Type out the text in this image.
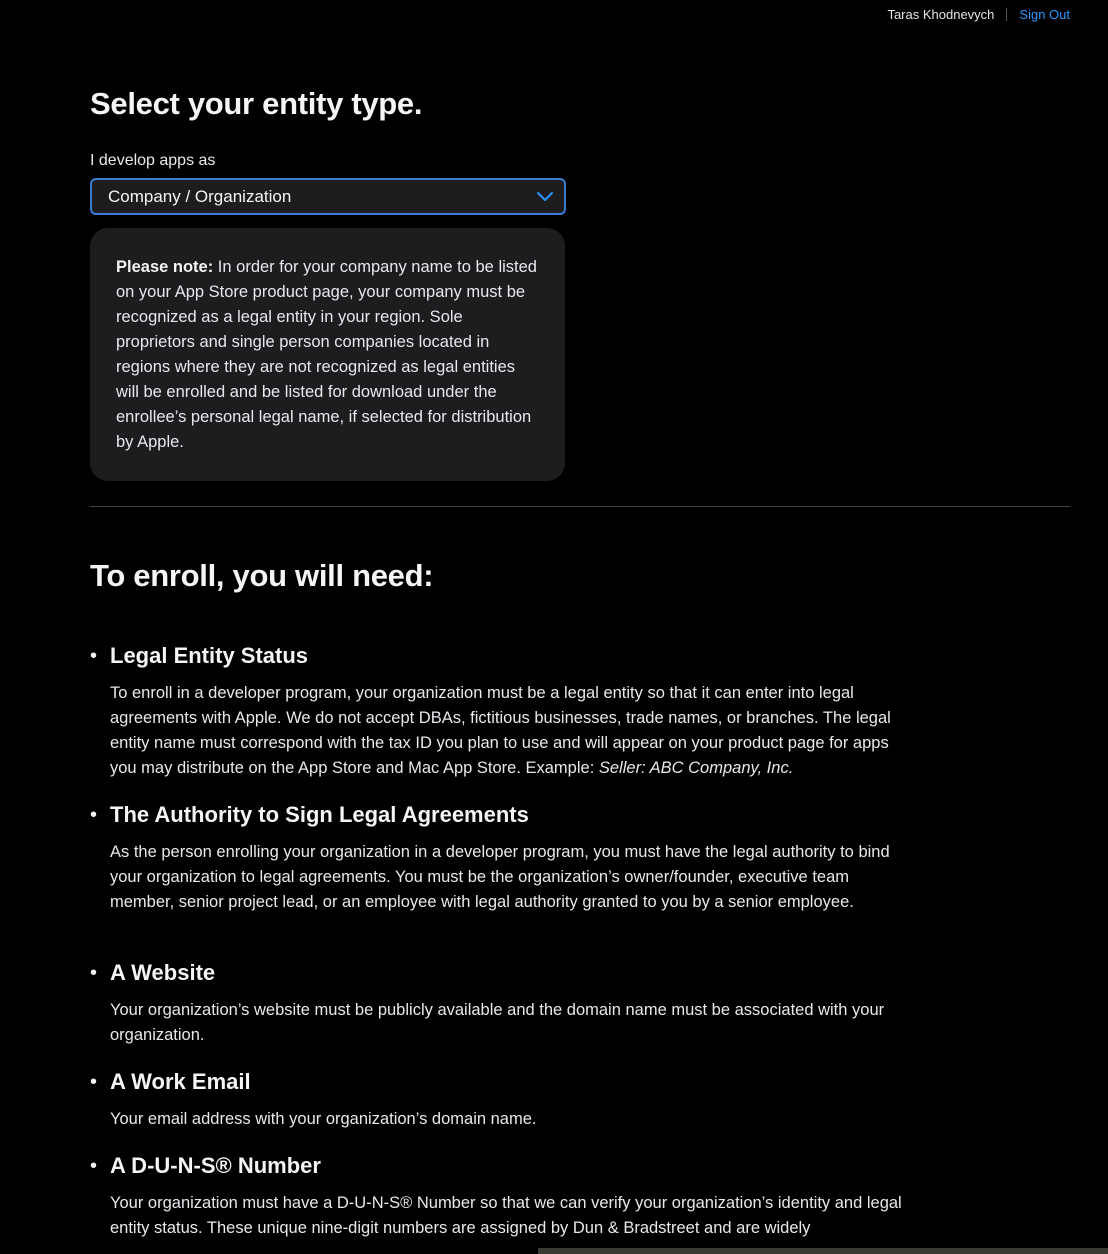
Taras Khodnevych Sign Out
Select your entity type.
I develop apps as
Company / Organization
Please note: In order for your company name to be listed on your App Store product page, your company must be recognized as a legal entity in your region. Sole proprietors and single person companies located in regions where they are not recognized as legal entities will be enrolled and be listed for download under the enrollee’s personal legal name, if selected for distribution by Apple.
To enroll, you will need:
• Legal Entity Status

To enroll in a developer program, your organization must be a legal entity so that it can enter into legal agreements with Apple. We do not accept DBAs, fictitious businesses, trade names, or branches. The legal entity name must correspond with the tax ID you plan to use and will appear on your product page for apps you may distribute on the App Store and Mac App Store. Example: Seller: ABC Company, Inc.

• The Authority to Sign Legal Agreements

As the person enrolling your organization in a developer program, you must have the legal authority to bind your organization to legal agreements. You must be the organization’s owner/founder, executive team member, senior project lead, or an employee with legal authority granted to you by a senior employee.

• A Website

Your organization’s website must be publicly available and the domain name must be associated with your organization.

• A Work Email

Your email address with your organization’s domain name.

• A D-U-N-S® Number

Your organization must have a D-U-N-S® Number so that we can verify your organization’s identity and legal entity status. These unique nine-digit numbers are assigned by Dun & Bradstreet and are widely
